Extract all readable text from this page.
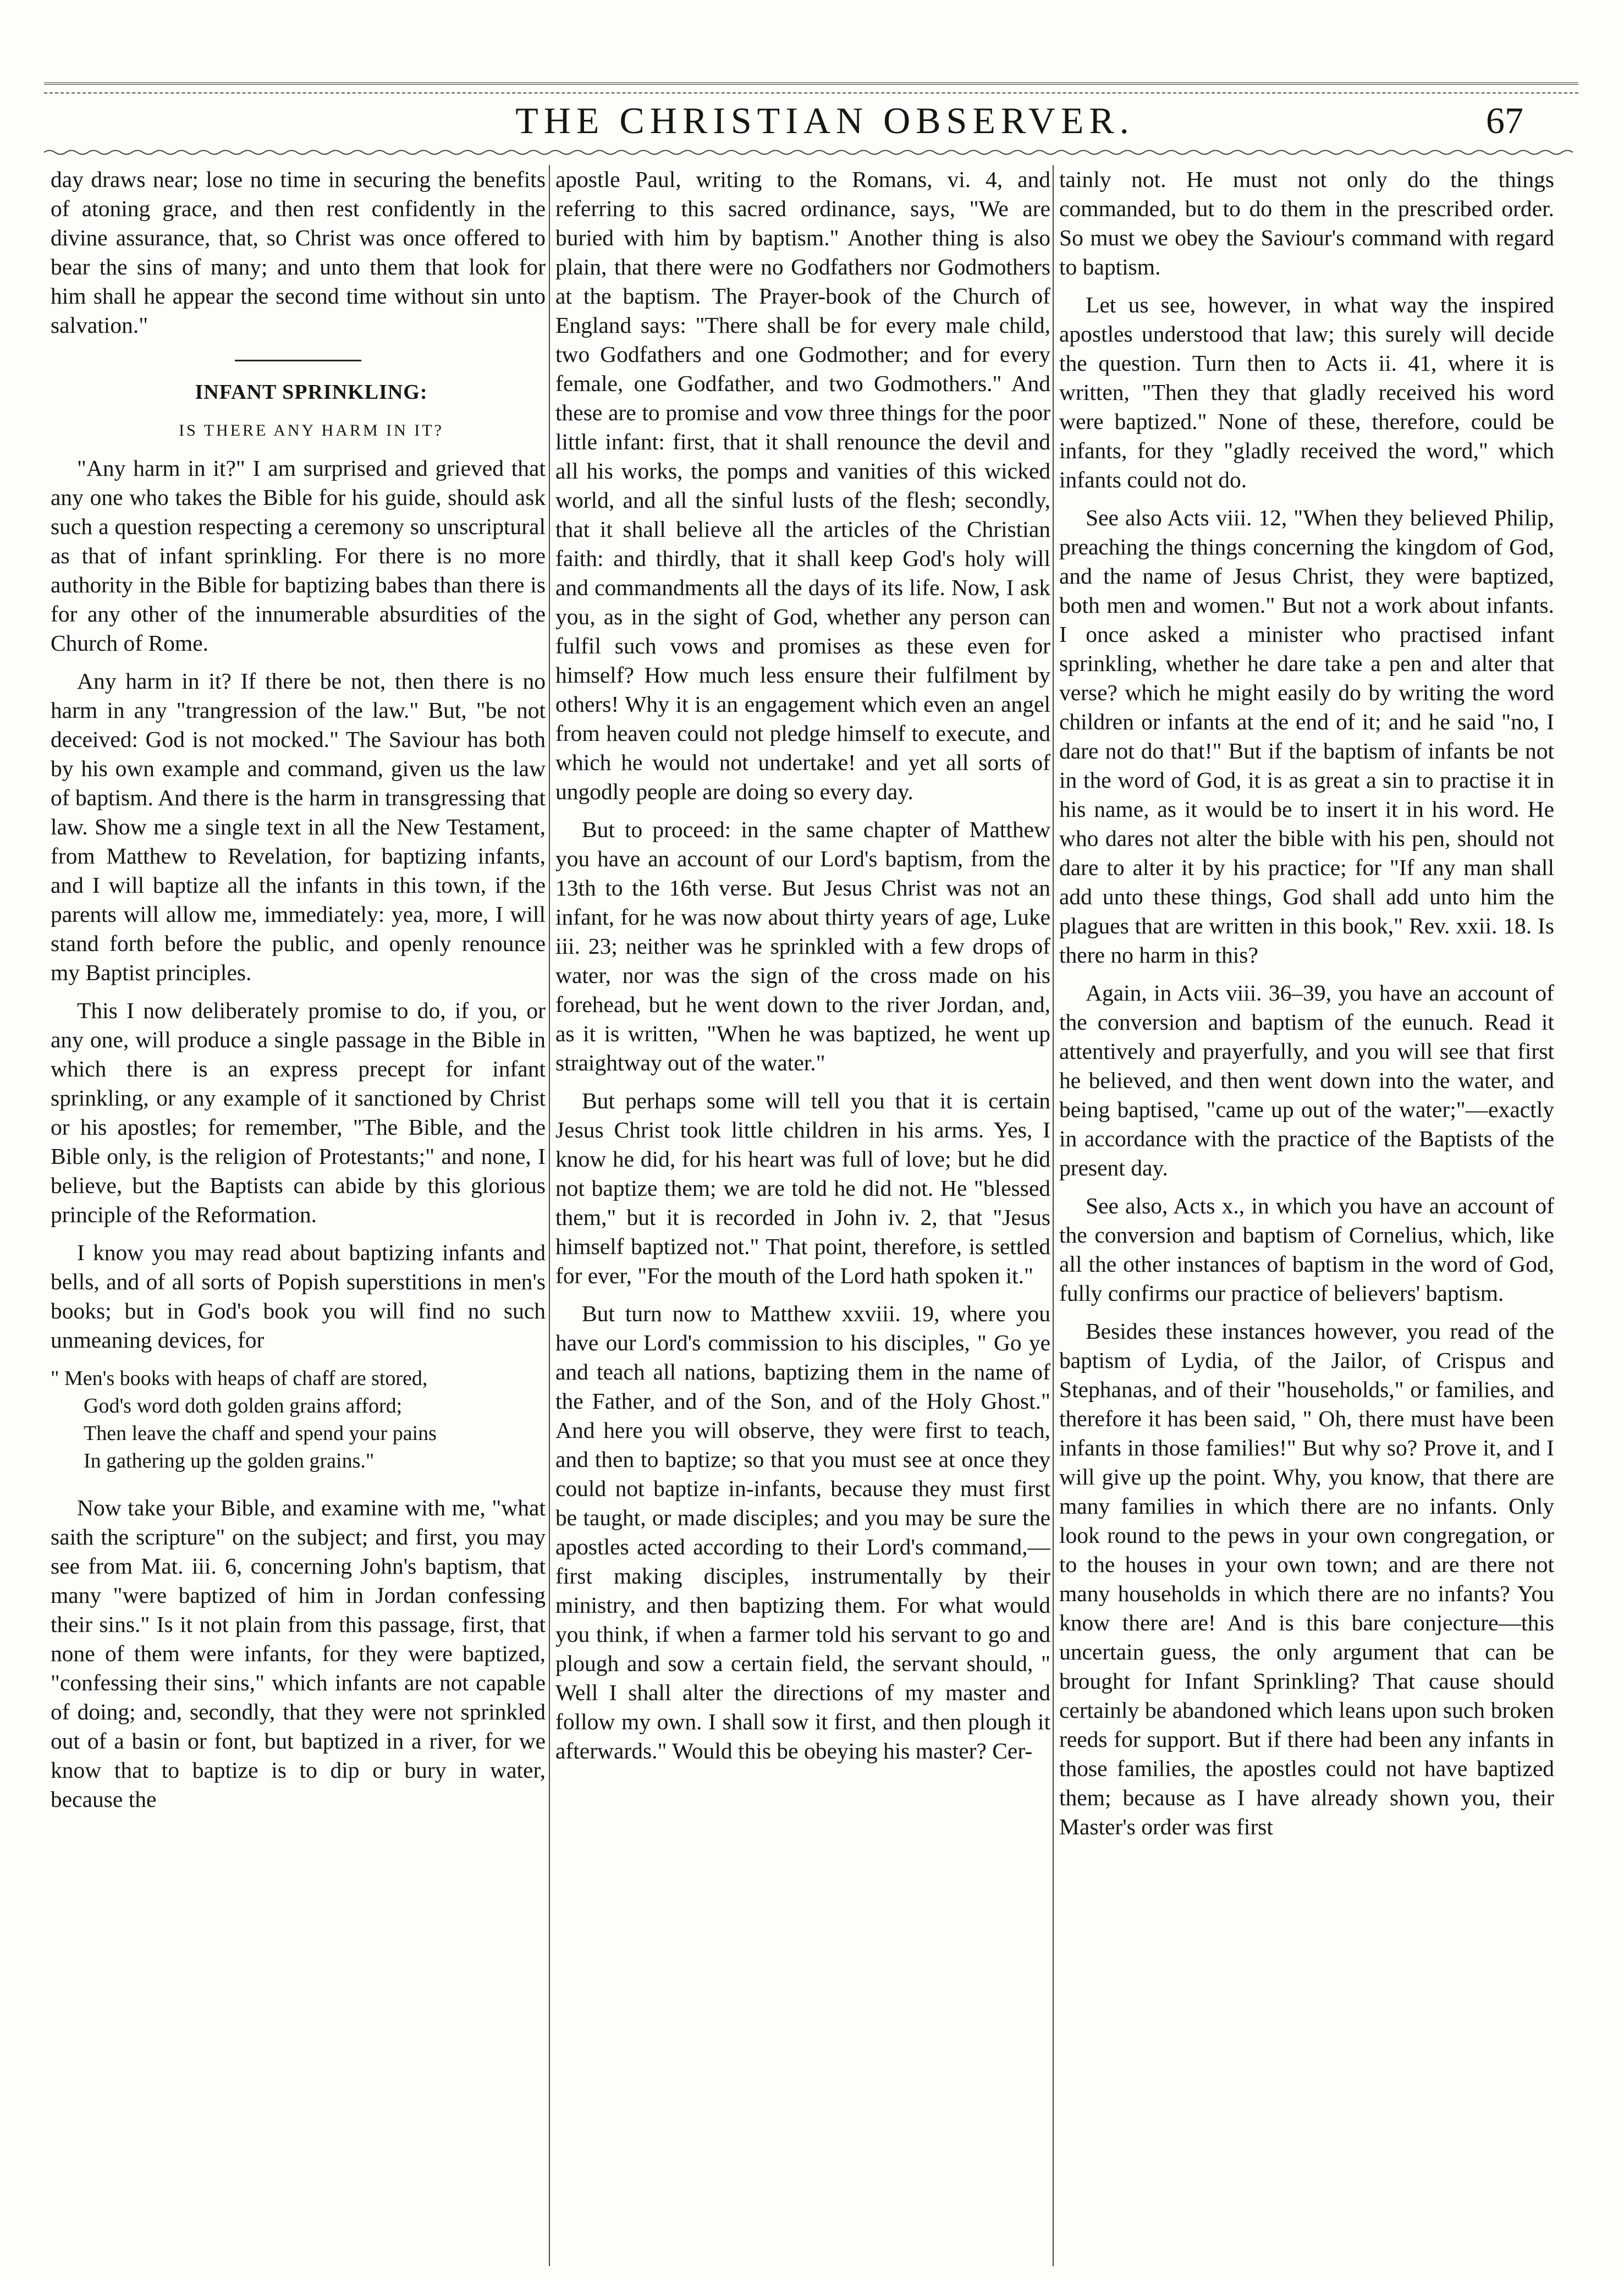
THE CHRISTIAN OBSERVER.	67

day draws near; lose no time in securing the benefits of atoning grace, and then rest confidently in the divine assurance, that, so Christ was once offered to bear the sins of many; and unto them that look for him shall he appear the second time without sin unto salvation."

INFANT SPRINKLING:

IS THERE ANY HARM IN IT?

"Any harm in it?" I am surprised and grieved that any one who takes the Bible for his guide, should ask such a question respecting a ceremony so unscriptural as that of infant sprinkling. For there is no more authority in the Bible for baptizing babes than there is for any other of the innumerable absurdities of the Church of Rome.

Any harm in it? If there be not, then there is no harm in any "trangression of the law." But, "be not deceived: God is not mocked." The Saviour has both by his own example and command, given us the law of baptism. And there is the harm in transgressing that law. Show me a single text in all the New Testament, from Matthew to Revelation, for baptizing infants, and I will baptize all the infants in this town, if the parents will allow me, immediately: yea, more, I will stand forth before the public, and openly renounce my Baptist principles.

This I now deliberately promise to do, if you, or any one, will produce a single passage in the Bible in which there is an express precept for infant sprinkling, or any example of it sanctioned by Christ or his apostles; for remember, "The Bible, and the Bible only, is the religion of Protestants;" and none, I believe, but the Baptists can abide by this glorious principle of the Reformation.

I know you may read about baptizing infants and bells, and of all sorts of Popish superstitions in men's books; but in God's book you will find no such unmeaning devices, for

" Men's books with heaps of chaff are stored,
God's word doth golden grains afford;
Then leave the chaff and spend your pains
In gathering up the golden grains."

Now take your Bible, and examine with me, "what saith the scripture" on the subject; and first, you may see from Mat. iii. 6, concerning John's baptism, that many "were baptized of him in Jordan confessing their sins." Is it not plain from this passage, first, that none of them were infants, for they were baptized, "confessing their sins," which infants are not capable of doing; and, secondly, that they were not sprinkled out of a basin or font, but baptized in a river, for we know that to baptize is to dip or bury in water, because the

apostle Paul, writing to the Romans, vi. 4, and referring to this sacred ordinance, says, "We are buried with him by baptism." Another thing is also plain, that there were no Godfathers nor Godmothers at the baptism. The Prayer-book of the Church of England says: "There shall be for every male child, two Godfathers and one Godmother; and for every female, one Godfather, and two Godmothers." And these are to promise and vow three things for the poor little infant: first, that it shall renounce the devil and all his works, the pomps and vanities of this wicked world, and all the sinful lusts of the flesh; secondly, that it shall believe all the articles of the Christian faith: and thirdly, that it shall keep God's holy will and commandments all the days of its life. Now, I ask you, as in the sight of God, whether any person can fulfil such vows and promises as these even for himself? How much less ensure their fulfilment by others! Why it is an engagement which even an angel from heaven could not pledge himself to execute, and which he would not undertake! and yet all sorts of ungodly people are doing so every day.

But to proceed: in the same chapter of Matthew you have an account of our Lord's baptism, from the 13th to the 16th verse. But Jesus Christ was not an infant, for he was now about thirty years of age, Luke iii. 23; neither was he sprinkled with a few drops of water, nor was the sign of the cross made on his forehead, but he went down to the river Jordan, and, as it is written, "When he was baptized, he went up straightway out of the water."

But perhaps some will tell you that it is certain Jesus Christ took little children in his arms. Yes, I know he did, for his heart was full of love; but he did not baptize them; we are told he did not. He "blessed them," but it is recorded in John iv. 2, that "Jesus himself baptized not." That point, therefore, is settled for ever, "For the mouth of the Lord hath spoken it."

But turn now to Matthew xxviii. 19, where you have our Lord's commission to his disciples, " Go ye and teach all nations, baptizing them in the name of the Father, and of the Son, and of the Holy Ghost." And here you will observe, they were first to teach, and then to baptize; so that you must see at once they could not baptize in-infants, because they must first be taught, or made disciples; and you may be sure the apostles acted according to their Lord's command,—first making disciples, instrumentally by their ministry, and then baptizing them. For what would you think, if when a farmer told his servant to go and plough and sow a certain field, the servant should, " Well I shall alter the directions of my master and follow my own. I shall sow it first, and then plough it afterwards." Would this be obeying his master? Cer-

tainly not. He must not only do the things commanded, but to do them in the prescribed order. So must we obey the Saviour's command with regard to baptism.

Let us see, however, in what way the inspired apostles understood that law; this surely will decide the question. Turn then to Acts ii. 41, where it is written, "Then they that gladly received his word were baptized." None of these, therefore, could be infants, for they "gladly received the word," which infants could not do.

See also Acts viii. 12, "When they believed Philip, preaching the things concerning the kingdom of God, and the name of Jesus Christ, they were baptized, both men and women." But not a work about infants. I once asked a minister who practised infant sprinkling, whether he dare take a pen and alter that verse? which he might easily do by writing the word children or infants at the end of it; and he said "no, I dare not do that!" But if the baptism of infants be not in the word of God, it is as great a sin to practise it in his name, as it would be to insert it in his word. He who dares not alter the bible with his pen, should not dare to alter it by his practice; for "If any man shall add unto these things, God shall add unto him the plagues that are written in this book," Rev. xxii. 18. Is there no harm in this?

Again, in Acts viii. 36–39, you have an account of the conversion and baptism of the eunuch. Read it attentively and prayerfully, and you will see that first he believed, and then went down into the water, and being baptised, "came up out of the water;"—exactly in accordance with the practice of the Baptists of the present day.

See also, Acts x., in which you have an account of the conversion and baptism of Cornelius, which, like all the other instances of baptism in the word of God, fully confirms our practice of believers' baptism.

Besides these instances however, you read of the baptism of Lydia, of the Jailor, of Crispus and Stephanas, and of their "households," or families, and therefore it has been said, " Oh, there must have been infants in those families!" But why so? Prove it, and I will give up the point. Why, you know, that there are many families in which there are no infants. Only look round to the pews in your own congregation, or to the houses in your own town; and are there not many households in which there are no infants? You know there are! And is this bare conjecture—this uncertain guess, the only argument that can be brought for Infant Sprinkling? That cause should certainly be abandoned which leans upon such broken reeds for support. But if there had been any infants in those families, the apostles could not have baptized them; because as I have already shown you, their Master's order was first
